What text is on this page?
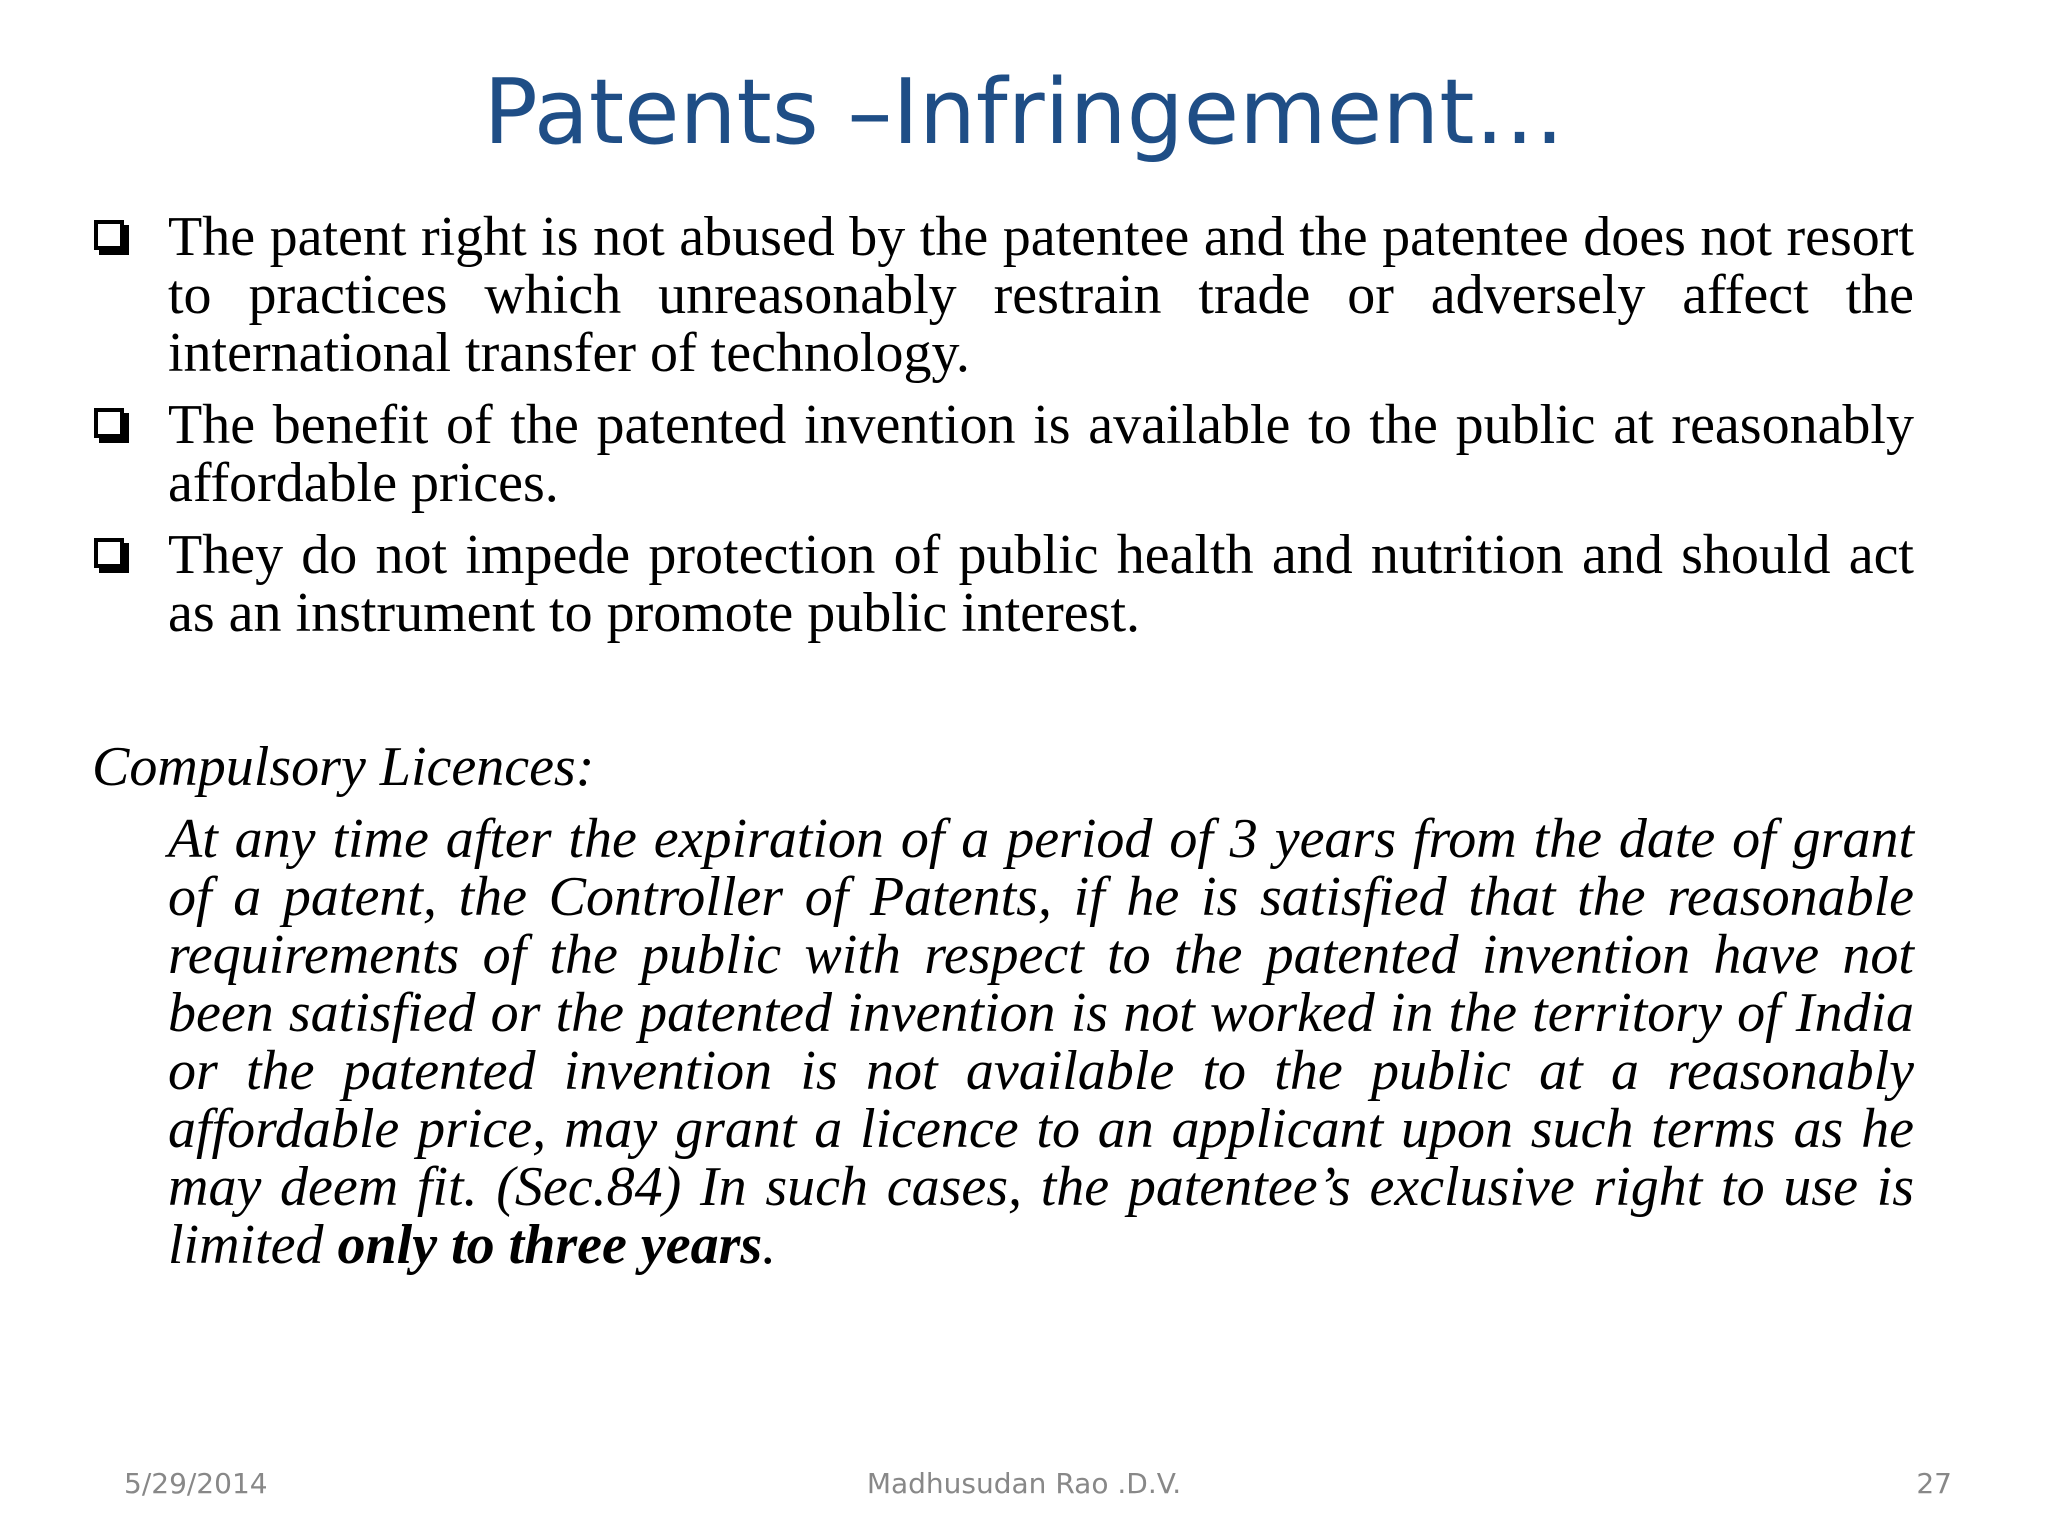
Patents –Infringement…
The patent right is not abused by the patentee and the patentee does not resort to practices which unreasonably restrain trade or adversely affect the international transfer of technology.
The benefit of the patented invention is available to the public at reasonably affordable prices.
They do not impede protection of public health and nutrition and should act as an instrument to promote public interest.
Compulsory Licences:
At any time after the expiration of a period of 3 years from the date of grant of a patent, the Controller of Patents, if he is satisfied that the reasonable requirements of the public with respect to the patented invention have not been satisfied or the patented invention is not worked in the territory of India or the patented invention is not available to the public at a reasonably affordable price, may grant a licence to an applicant upon such terms as he may deem fit. (Sec.84) In such cases, the patentee’s exclusive right to use is limited only to three years.
5/29/2014	Madhusudan Rao .D.V.	27
